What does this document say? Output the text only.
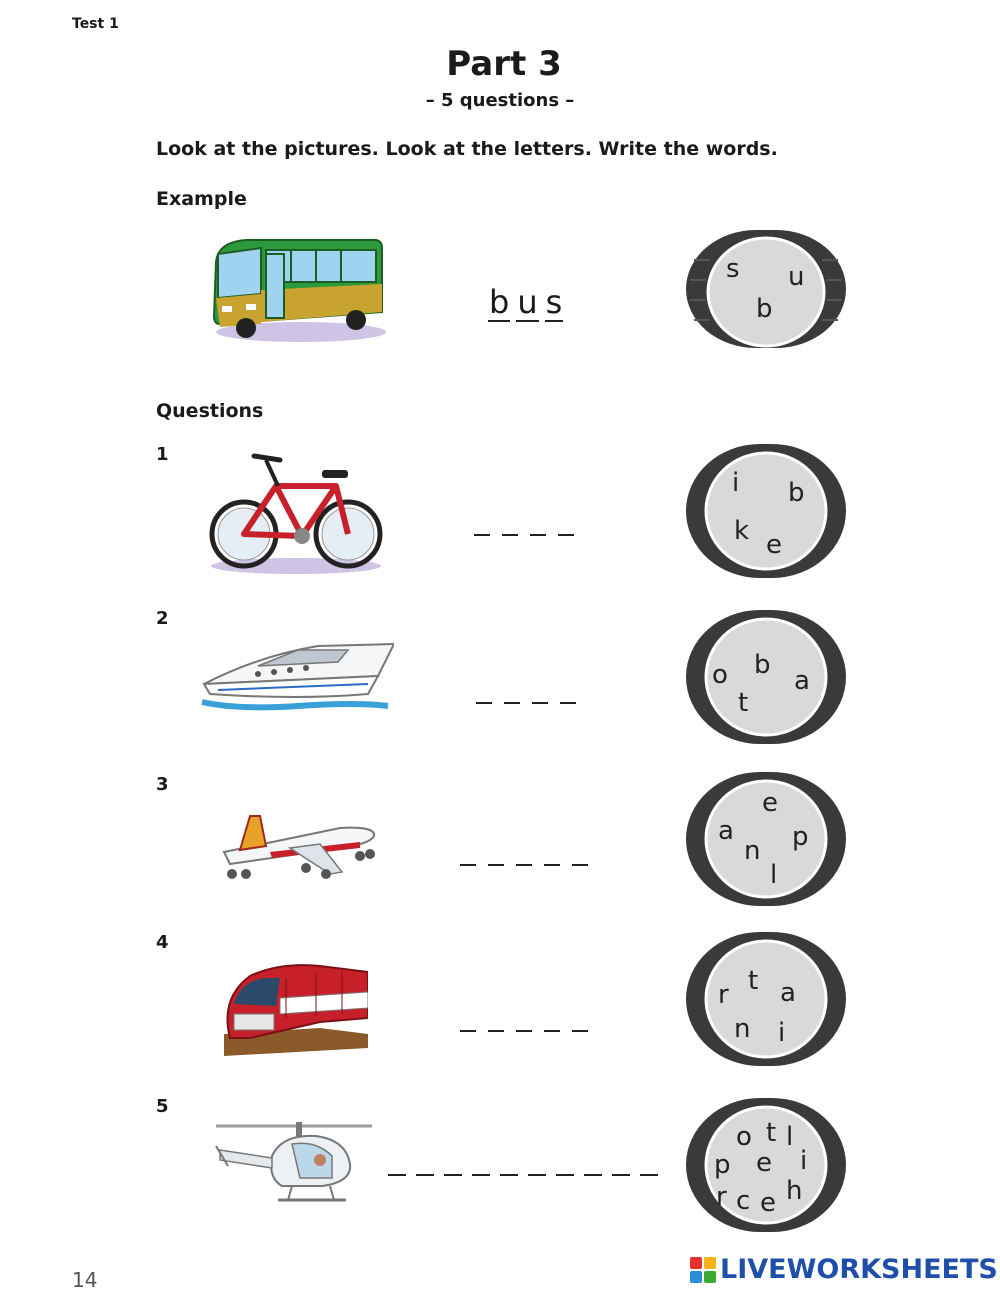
Test 1
Part 3
– 5 questions –
Look at the pictures. Look at the letters. Write the words.
Example
b u s
s u
b
Questions
1
i b
k e
2
o b
a
t
3
e
a p
n
l
4
r t a
n i
5
o t l
p e i
r c e h
14	LIVEWORKSHEETS
